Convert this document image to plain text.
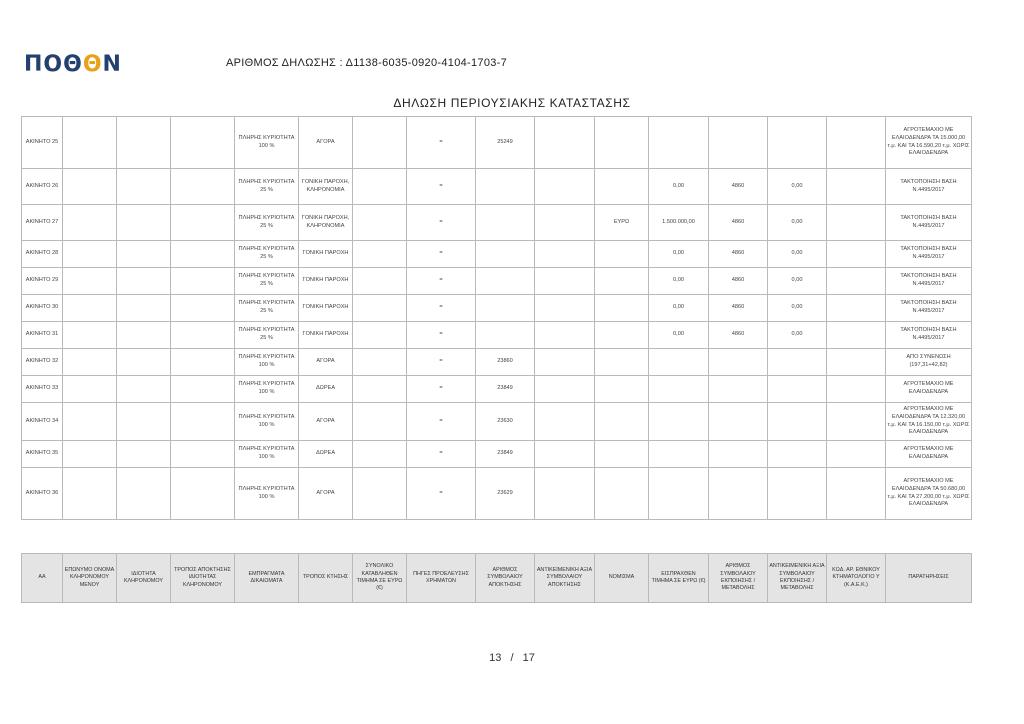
ΠΟΘΘΝ	ΑΡΙΘΜΟΣ ΔΗΛΩΣΗΣ : Δ1138-6035-0920-4104-1703-7
ΔΗΛΩΣΗ ΠΕΡΙΟΥΣΙΑΚΗΣ ΚΑΤΑΣΤΑΣΗΣ
ΑΚΙΝΗΤΟ 25				ΠΛΗΡΗΣ ΚΥΡΙΟΤΗΤΑ 100 %	ΑΓΟΡΑ		=	25249							ΑΓΡΟΤΕΜΑΧΙΟ ΜΕ ΕΛΑΙΟΔΕΝΔΡΑ ΤΑ 15.000,00 τ.μ. ΚΑΙ ΤΑ 16.590,20 τ.μ. ΧΩΡΙΣ ΕΛΑΙΟΔΕΝΔΡΑ
ΑΚΙΝΗΤΟ 26				ΠΛΗΡΗΣ ΚΥΡΙΟΤΗΤΑ 25 %	ΓΟΝΙΚΗ ΠΑΡΟΧΗ, ΚΛΗΡΟΝΟΜΙΑ		=				0,00	4860	0,00		ΤΑΚΤΟΠΟΙΗΣΗ ΒΑΣΗ Ν.4495/2017
ΑΚΙΝΗΤΟ 27				ΠΛΗΡΗΣ ΚΥΡΙΟΤΗΤΑ 25 %	ΓΟΝΙΚΗ ΠΑΡΟΧΗ, ΚΛΗΡΟΝΟΜΙΑ		=			ΕΥΡΩ	1.500.000,00	4860	0,00		ΤΑΚΤΟΠΟΙΗΣΗ ΒΑΣΗ Ν.4495/2017
ΑΚΙΝΗΤΟ 28				ΠΛΗΡΗΣ ΚΥΡΙΟΤΗΤΑ 25 %	ΓΟΝΙΚΗ ΠΑΡΟΧΗ		=				0,00	4860	0,00		ΤΑΚΤΟΠΟΙΗΣΗ ΒΑΣΗ Ν.4495/2017
ΑΚΙΝΗΤΟ 29				ΠΛΗΡΗΣ ΚΥΡΙΟΤΗΤΑ 25 %	ΓΟΝΙΚΗ ΠΑΡΟΧΗ		=				0,00	4860	0,00		ΤΑΚΤΟΠΟΙΗΣΗ ΒΑΣΗ Ν.4495/2017
ΑΚΙΝΗΤΟ 30				ΠΛΗΡΗΣ ΚΥΡΙΟΤΗΤΑ 25 %	ΓΟΝΙΚΗ ΠΑΡΟΧΗ		=				0,00	4860	0,00		ΤΑΚΤΟΠΟΙΗΣΗ ΒΑΣΗ Ν.4495/2017
ΑΚΙΝΗΤΟ 31				ΠΛΗΡΗΣ ΚΥΡΙΟΤΗΤΑ 25 %	ΓΟΝΙΚΗ ΠΑΡΟΧΗ		=				0,00	4860	0,00		ΤΑΚΤΟΠΟΙΗΣΗ ΒΑΣΗ Ν.4495/2017
ΑΚΙΝΗΤΟ 32				ΠΛΗΡΗΣ ΚΥΡΙΟΤΗΤΑ 100 %	ΑΓΟΡΑ		=	23860							ΑΠΟ ΣΥΝΕΝΩΣΗ (197,31+42,82)
ΑΚΙΝΗΤΟ 33				ΠΛΗΡΗΣ ΚΥΡΙΟΤΗΤΑ 100 %	ΔΩΡΕΑ		=	23849							ΑΓΡΟΤΕΜΑΧΙΟ ΜΕ ΕΛΑΙΟΔΕΝΔΡΑ
ΑΚΙΝΗΤΟ 34				ΠΛΗΡΗΣ ΚΥΡΙΟΤΗΤΑ 100 %	ΑΓΟΡΑ		=	23630							ΑΓΡΟΤΕΜΑΧΙΟ ΜΕ ΕΛΑΙΟΔΕΝΔΡΑ ΤΑ 12.320,00 τ.μ. ΚΑΙ ΤΑ 16.150,00 τ.μ. ΧΩΡΙΣ ΕΛΑΙΟΔΕΝΔΡΑ
ΑΚΙΝΗΤΟ 35				ΠΛΗΡΗΣ ΚΥΡΙΟΤΗΤΑ 100 %	ΔΩΡΕΑ		=	23849							ΑΓΡΟΤΕΜΑΧΙΟ ΜΕ ΕΛΑΙΟΔΕΝΔΡΑ
ΑΚΙΝΗΤΟ 36				ΠΛΗΡΗΣ ΚΥΡΙΟΤΗΤΑ 100 %	ΑΓΟΡΑ		=	23629							ΑΓΡΟΤΕΜΑΧΙΟ ΜΕ ΕΛΑΙΟΔΕΝΔΡΑ ΤΑ 50.680,00 τ.μ. ΚΑΙ ΤΑ 27.200,00 τ.μ. ΧΩΡΙΣ ΕΛΑΙΟΔΕΝΔΡΑ
ΑΑ	ΕΠΩΝΥΜΟ ΟΝΟΜΑ ΚΛΗΡΟΝΟΜΟΥ ΜΕΝΟΥ	ΙΔΙΟΤΗΤΑ ΚΛΗΡΟΝΟΜΟΥ	ΤΡΟΠΟΣ ΑΠΟΚΤΗΣΗΣ ΙΔΙΟΤΗΤΑΣ ΚΛΗΡΟΝΟΜΟΥ	ΕΜΠΡΑΓΜΑΤΑ ΔΙΚΑΙΩΜΑΤΑ	ΤΡΟΠΟΣ ΚΤΗΣΗΣ	ΣΥΝΟΛΙΚΟ ΚΑΤΑΒΛΗΘΕΝ ΤΙΜΗΜΑ ΣΕ ΕΥΡΩ (€)	ΠΗΓΕΣ ΠΡΟΕΛΕΥΣΗΣ ΧΡΗΜΑΤΩΝ	ΑΡΙΘΜΟΣ ΣΥΜΒΟΛΑΙΟΥ ΑΠΟΚΤΗΣΗΣ	ΑΝΤΙΚΕΙΜΕΝΙΚΗ ΑΞΙΑ ΣΥΜΒΟΛΑΙΟΥ ΑΠΟΚΤΗΣΗΣ	ΝΟΜΙΣΜΑ	ΕΙΣΠΡΑΧΘΕΝ ΤΙΜΗΜΑ ΣΕ ΕΥΡΩ (€)	ΑΡΙΘΜΟΣ ΣΥΜΒΟΛΑΙΟΥ ΕΚΠΟΙΗΣΗΣ /ΜΕΤΑΒΟΛΗΣ	ΑΝΤΙΚΕΙΜΕΝΙΚΗ ΑΞΙΑ ΣΥΜΒΟΛΑΙΟΥ ΕΚΠΟΙΗΣΗΣ / ΜΕΤΑΒΟΛΗΣ	ΚΩΔ. ΑΡ. ΕΘΝΙΚΟΥ ΚΤΗΜΑΤΟΛΟΓΙΟ Υ (Κ.Α.Ε.Κ.)	ΠΑΡΑΤΗΡΗΣΕΙΣ
13 / 17
